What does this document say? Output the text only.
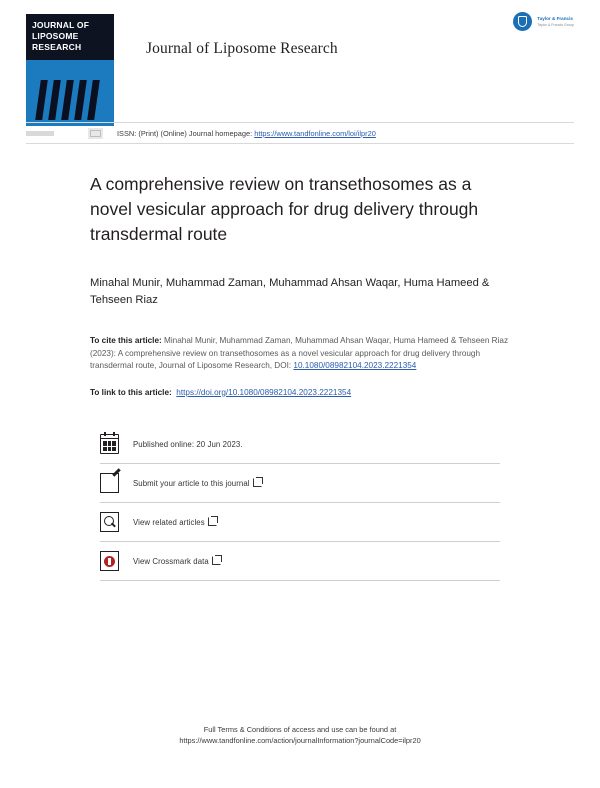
JOURNAL OF LIPOSOME RESEARCH	Journal of Liposome Research
Taylor & Francis
Taylor & Francis Group
ISSN: (Print) (Online) Journal homepage: https://www.tandfonline.com/loi/ilpr20
A comprehensive review on transethosomes as a novel vesicular approach for drug delivery through transdermal route
Minahal Munir, Muhammad Zaman, Muhammad Ahsan Waqar, Huma Hameed & Tehseen Riaz
To cite this article: Minahal Munir, Muhammad Zaman, Muhammad Ahsan Waqar, Huma Hameed & Tehseen Riaz (2023): A comprehensive review on transethosomes as a novel vesicular approach for drug delivery through transdermal route, Journal of Liposome Research, DOI: 10.1080/08982104.2023.2221354
To link to this article: https://doi.org/10.1080/08982104.2023.2221354
Published online: 20 Jun 2023.
Submit your article to this journal
View related articles
View Crossmark data
Full Terms & Conditions of access and use can be found at
https://www.tandfonline.com/action/journalInformation?journalCode=ilpr20
